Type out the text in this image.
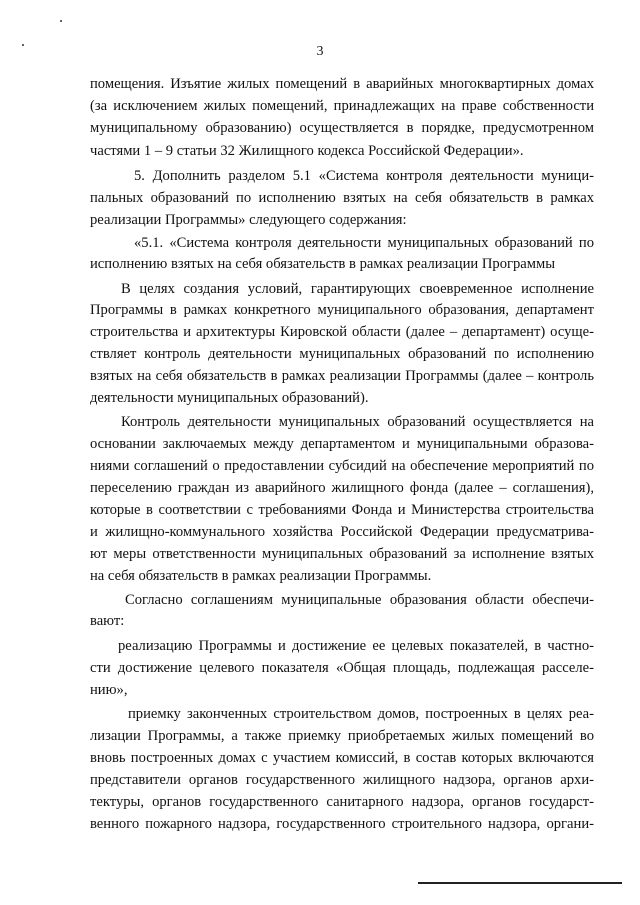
3
помещения. Изъятие жилых помещений в аварийных многоквартирных домах
(за исключением жилых помещений, принадлежащих на праве собственности
муниципальному образованию) осуществляется в порядке, предусмотренном
частями 1 – 9 статьи 32 Жилищного кодекса Российской Федерации».
5. Дополнить разделом 5.1 «Система контроля деятельности муници-
пальных образований по исполнению взятых на себя обязательств в рамках
реализации Программы» следующего содержания:
«5.1. «Система контроля деятельности муниципальных образований по
исполнению взятых на себя обязательств в рамках реализации Программы
В целях создания условий, гарантирующих своевременное исполнение
Программы в рамках конкретного муниципального образования, департамент
строительства и архитектуры Кировской области (далее – департамент) осуще-
ствляет контроль деятельности муниципальных образований по исполнению
взятых на себя обязательств в рамках реализации Программы (далее – контроль
деятельности муниципальных образований).
Контроль деятельности муниципальных образований осуществляется на
основании заключаемых между департаментом и муниципальными образова-
ниями соглашений о предоставлении субсидий на обеспечение мероприятий по
переселению граждан из аварийного жилищного фонда (далее – соглашения),
которые в соответствии с требованиями Фонда и Министерства строительства
и жилищно-коммунального хозяйства Российской Федерации предусматрива-
ют меры ответственности муниципальных образований за исполнение взятых
на себя обязательств в рамках реализации Программы.
Согласно соглашениям муниципальные образования области обеспечи-
вают:
реализацию Программы и достижение ее целевых показателей, в частно-
сти достижение целевого показателя «Общая площадь, подлежащая расселе-
нию»,
приемку законченных строительством домов, построенных в целях реа-
лизации Программы, а также приемку приобретаемых жилых помещений во
вновь построенных домах с участием комиссий, в состав которых включаются
представители органов государственного жилищного надзора, органов архи-
тектуры, органов государственного санитарного надзора, органов государст-
венного пожарного надзора, государственного строительного надзора, органи-
